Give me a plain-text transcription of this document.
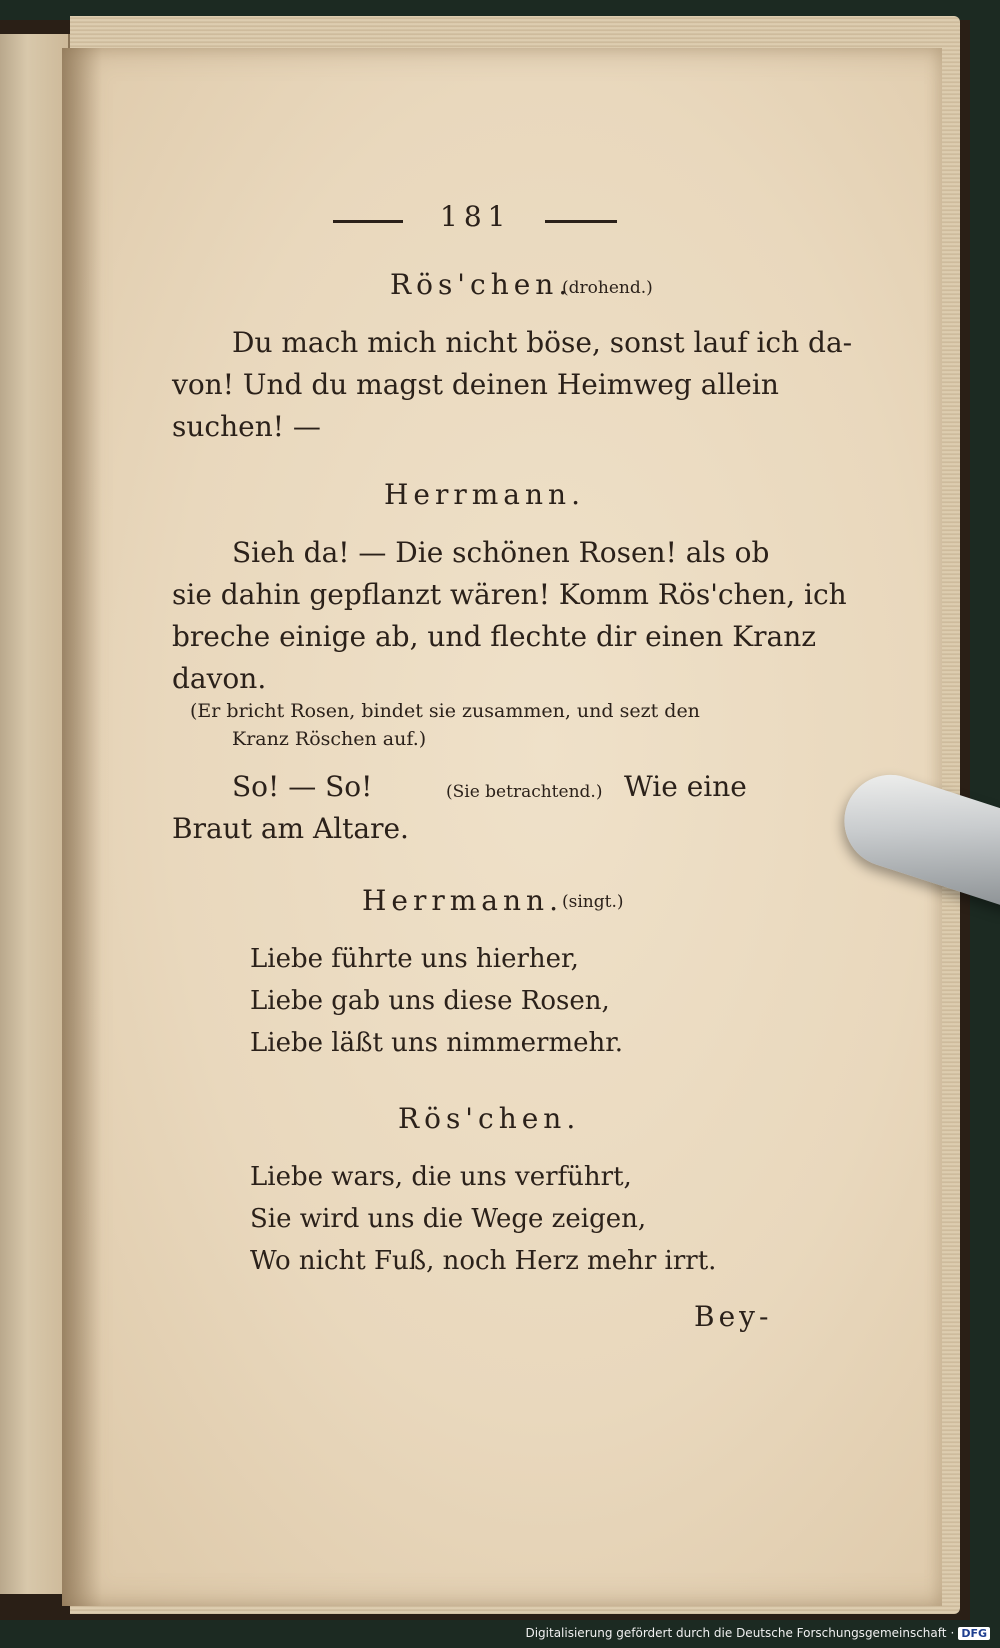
181
Rös'chen.
(drohend.)
Du mach mich nicht böse, sonst lauf ich da-
von! Und du magst deinen Heimweg allein
suchen! —
Herrmann.
Sieh da! — Die schönen Rosen! als ob
sie dahin gepflanzt wären! Komm Rös'chen, ich
breche einige ab, und flechte dir einen Kranz
davon.
(Er bricht Rosen, bindet sie zusammen, und sezt den
Kranz Röschen auf.)
So! — So!	(Sie betrachtend.) Wie eine
Braut am Altare.
Herrmann. (singt.)
Liebe führte uns hierher,
Liebe gab uns diese Rosen,
Liebe läßt uns nimmermehr.
Rös'chen.
Liebe wars, die uns verführt,
Sie wird uns die Wege zeigen,
Wo nicht Fuß, noch Herz mehr irrt.
Bey-
Digitalisierung gefördert durch die Deutsche Forschungsgemeinschaft · DFG
